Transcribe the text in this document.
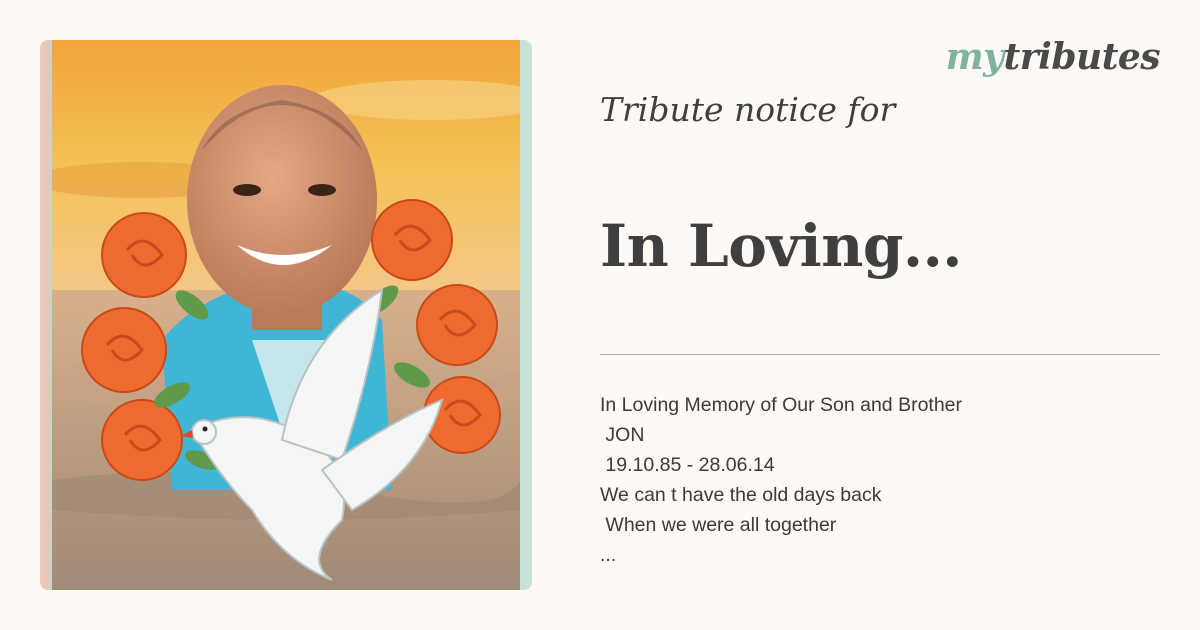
mytributes
Tribute notice for
In Loving...
In Loving Memory of Our Son and Brother
JON
19.10.85 - 28.06.14
We can t have the old days back
When we were all together
...
